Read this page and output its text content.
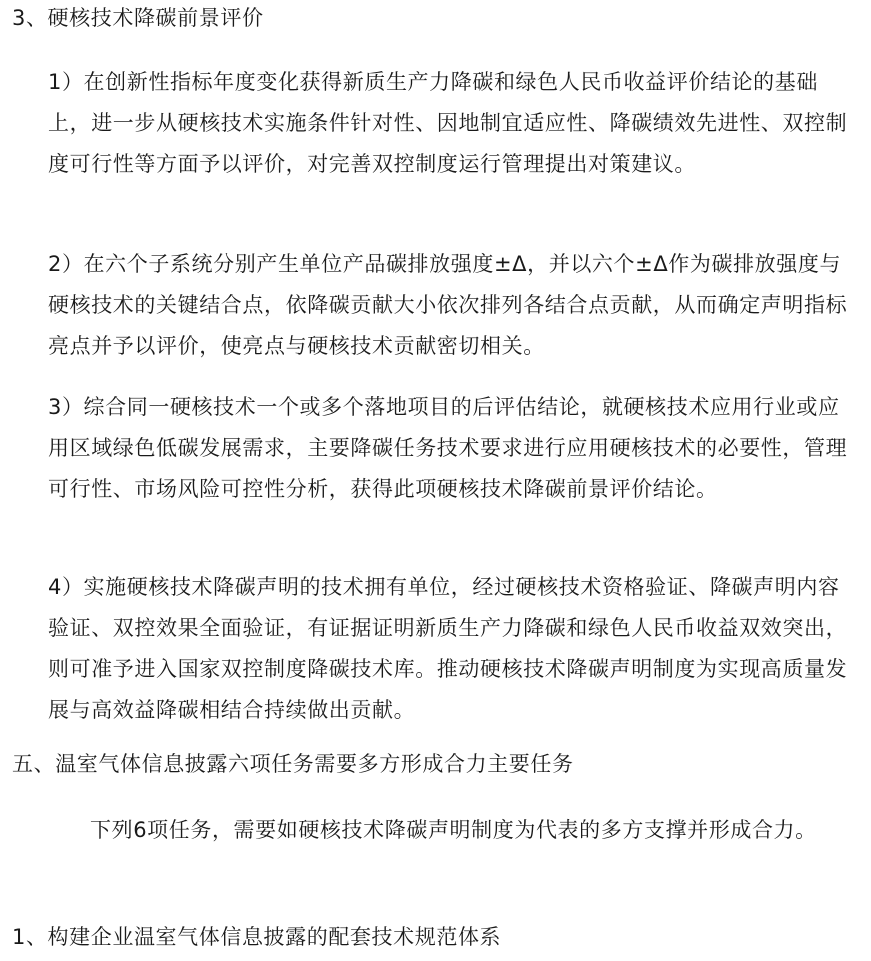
3、硬核技术降碳前景评价
1）在创新性指标年度变化获得新质生产力降碳和绿色人民币收益评价结论的基础上，进一步从硬核技术实施条件针对性、因地制宜适应性、降碳绩效先进性、双控制度可行性等方面予以评价，对完善双控制度运行管理提出对策建议。
2）在六个子系统分别产生单位产品碳排放强度±Δ，并以六个±Δ作为碳排放强度与硬核技术的关键结合点，依降碳贡献大小依次排列各结合点贡献，从而确定声明指标亮点并予以评价，使亮点与硬核技术贡献密切相关。
3）综合同一硬核技术一个或多个落地项目的后评估结论，就硬核技术应用行业或应用区域绿色低碳发展需求，主要降碳任务技术要求进行应用硬核技术的必要性，管理可行性、市场风险可控性分析，获得此项硬核技术降碳前景评价结论。
4）实施硬核技术降碳声明的技术拥有单位，经过硬核技术资格验证、降碳声明内容验证、双控效果全面验证，有证据证明新质生产力降碳和绿色人民币收益双效突出，则可准予进入国家双控制度降碳技术库。推动硬核技术降碳声明制度为实现高质量发展与高效益降碳相结合持续做出贡献。
五、温室气体信息披露六项任务需要多方形成合力主要任务
下列6项任务，需要如硬核技术降碳声明制度为代表的多方支撑并形成合力。
1、构建企业温室气体信息披露的配套技术规范体系
